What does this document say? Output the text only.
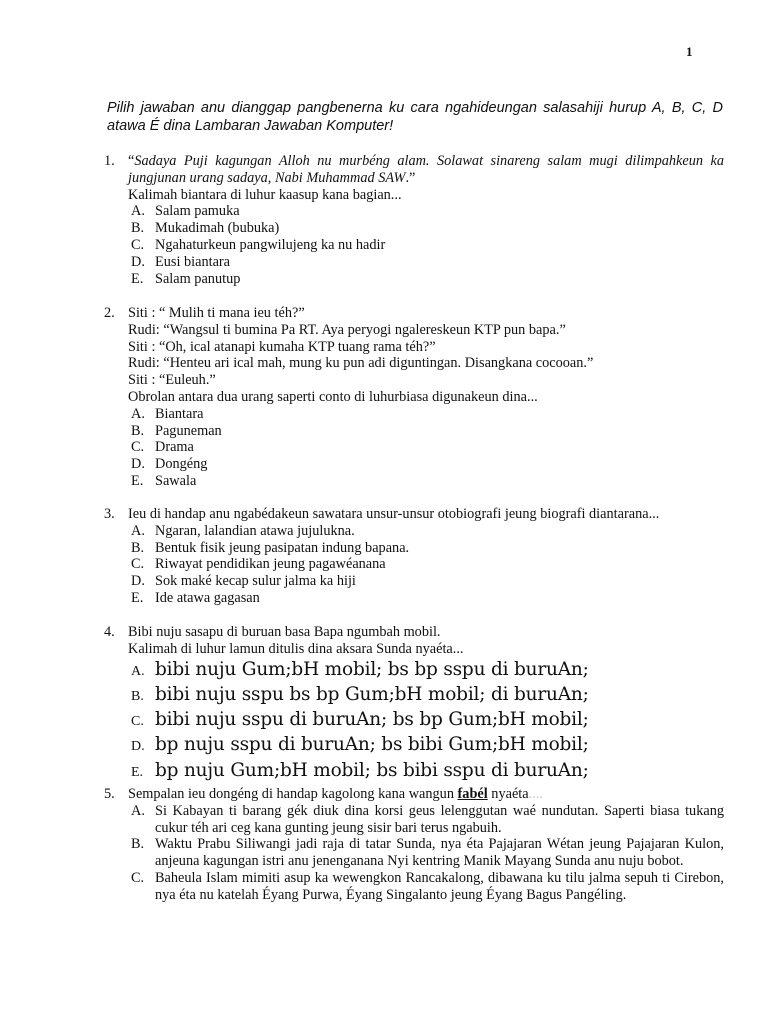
1
Pilih jawaban anu dianggap pangbenerna ku cara ngahideungan salasahiji hurup A, B, C, D atawa É dina Lambaran Jawaban Komputer!
1. “Sadaya Puji kagungan Alloh nu murbéng alam. Solawat sinareng salam mugi dilimpahkeun ka jungjunan urang sadaya, Nabi Muhammad SAW.”
Kalimah biantara di luhur kaasup kana bagian...
A. Salam pamuka
B. Mukadimah (bubuka)
C. Ngahaturkeun pangwilujeng ka nu hadir
D. Eusi biantara
E. Salam panutup
2. Siti : “ Mulih ti mana ieu téh?”
Rudi: “Wangsul ti bumina Pa RT. Aya peryogi ngalereskeun KTP pun bapa.”
Siti : “Oh, ical atanapi kumaha KTP tuang rama téh?”
Rudi: “Henteu ari ical mah, mung ku pun adi diguntingan. Disangkana cocooan.”
Siti : “Euleuh.”
Obrolan antara dua urang saperti conto di luhurbiasa digunakeun dina...
A. Biantara
B. Paguneman
C. Drama
D. Dongéng
E. Sawala
3. Ieu di handap anu ngabédakeun sawatara unsur-unsur otobiografi jeung biografi diantarana...
A. Ngaran, lalandian atawa jujuluknа.
B. Bentuk fisik jeung pasipatan indung bapana.
C. Riwayat pendidikan jeung pagawéanana
D. Sok maké kecap sulur jalma ka hiji
E. Ide atawa gagasan
4. Bibi nuju sasapu di buruan basa Bapa ngumbah mobil.
Kalimah di luhur lamun ditulis dina aksara Sunda nyaéta...
A. bibi nuju Gum;bH mobil; bs bp sspu di buruAn;
B. bibi nuju sspu bs bp Gum;bH mobil; di buruAn;
C. bibi nuju sspu di buruAn; bs bp Gum;bH mobil;
D. bp nuju sspu di buruAn; bs bibi Gum;bH mobil;
E. bp nuju Gum;bH mobil; bs bibi sspu di buruAn;
5. Sempalan ieu dongéng di handap kagolong kana wangun fabél nyaéta....
A. Si Kabayan ti barang gék diuk dina korsi geus lelenggutan waé nundutan. Saperti biasa tukang cukur téh ari ceg kana gunting jeung sisir bari terus ngabuih.
B. Waktu Prabu Siliwangi jadi raja di tatar Sunda, nya éta Pajajaran Wétan jeung Pajajaran Kulon, anjeuna kagungan istri anu jenenganana Nyi kentring Manik Mayang Sunda anu nuju bobot.
C. Baheula Islam mimiti asup ka wewengkon Rancakalong, dibawana ku tilu jalma sepuh ti Cirebon, nya éta nu katelah Éyang Purwa, Éyang Singalanto jeung Éyang Bagus Pangéling.
